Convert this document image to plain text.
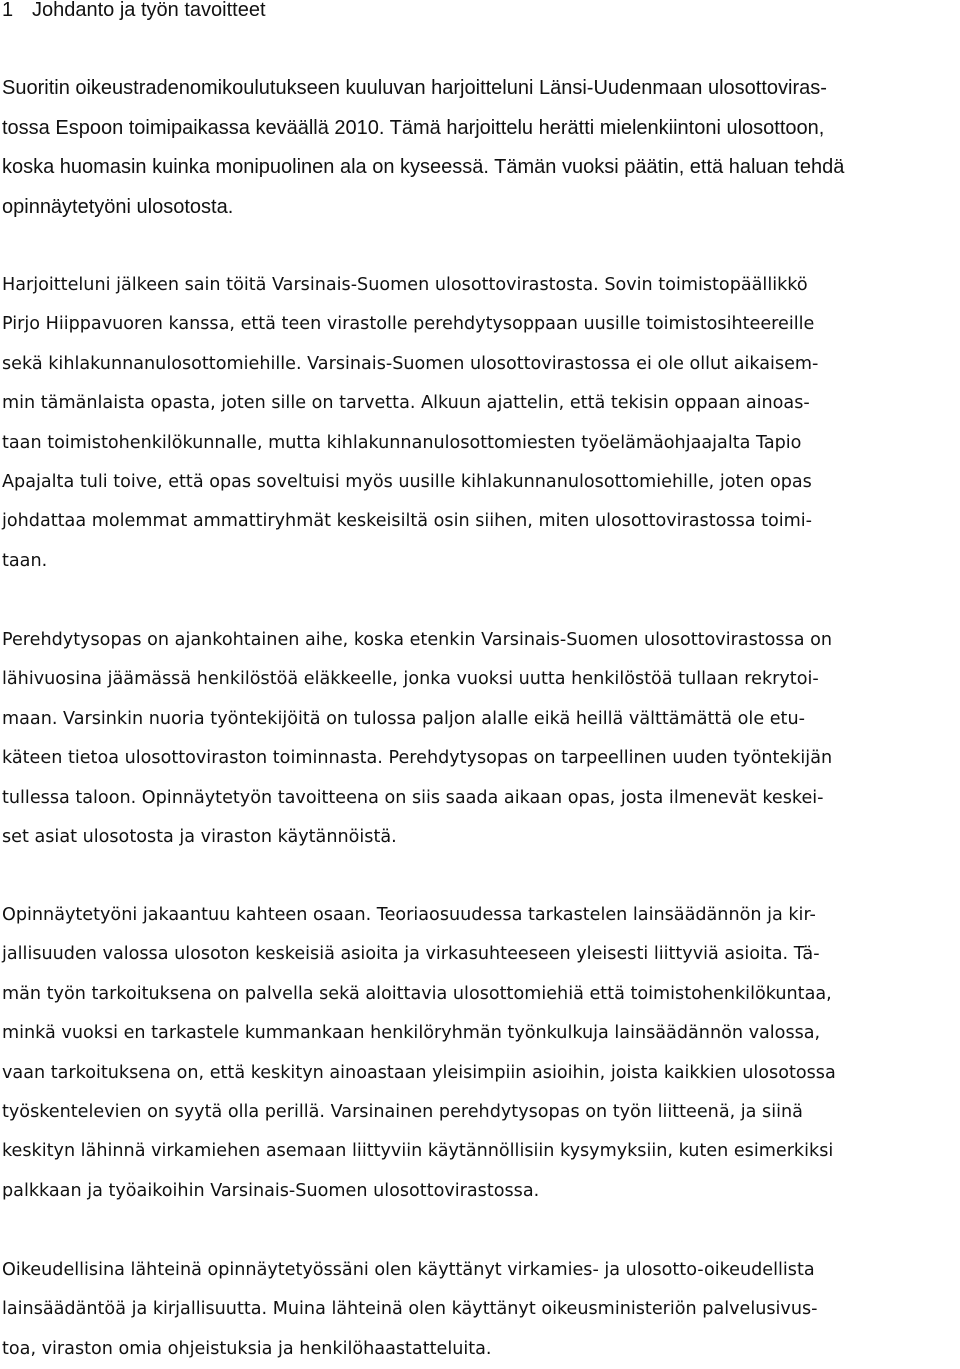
1 Johdanto ja työn tavoitteet

Suoritin oikeustradenomikoulutukseen kuuluvan harjoitteluni Länsi-Uudenmaan ulosottoviras-
tossa Espoon toimipaikassa keväällä 2010. Tämä harjoittelu herätti mielenkiintoni ulosottoon,
koska huomasin kuinka monipuolinen ala on kyseessä. Tämän vuoksi päätin, että haluan tehdä
opinnäytetyöni ulosotosta.

Harjoitteluni jälkeen sain töitä Varsinais-Suomen ulosottovirastosta. Sovin toimistopäällikkö
Pirjo Hiippavuoren kanssa, että teen virastolle perehdytysoppaan uusille toimistosihteereille
sekä kihlakunnanulosottomiehille. Varsinais-Suomen ulosottovirastossa ei ole ollut aikaisem-
min tämänlaista opasta, joten sille on tarvetta. Alkuun ajattelin, että tekisin oppaan ainoas-
taan toimistohenkilökunnalle, mutta kihlakunnanulosottomiesten työelämäohjaajalta Tapio
Apajalta tuli toive, että opas soveltuisi myös uusille kihlakunnanulosottomiehille, joten opas
johdattaa molemmat ammattiryhmät keskeisiltä osin siihen, miten ulosottovirastossa toimi-
taan.

Perehdytysopas on ajankohtainen aihe, koska etenkin Varsinais-Suomen ulosottovirastossa on
lähivuosina jäämässä henkilöstöä eläkkeelle, jonka vuoksi uutta henkilöstöä tullaan rekrytoi-
maan. Varsinkin nuoria työntekijöitä on tulossa paljon alalle eikä heillä välttämättä ole etu-
käteen tietoa ulosottoviraston toiminnasta. Perehdytysopas on tarpeellinen uuden työntekijän
tullessa taloon. Opinnäytetyön tavoitteena on siis saada aikaan opas, josta ilmenevät keskei-
set asiat ulosotosta ja viraston käytännöistä.

Opinnäytetyöni jakaantuu kahteen osaan. Teoriaosuudessa tarkastelen lainsäädännön ja kir-
jallisuuden valossa ulosoton keskeisiä asioita ja virkasuhteeseen yleisesti liittyviä asioita. Tä-
män työn tarkoituksena on palvella sekä aloittavia ulosottomiehiä että toimistohenkilökuntaa,
minkä vuoksi en tarkastele kummankaan henkilöryhmän työnkulkuja lainsäädännön valossa,
vaan tarkoituksena on, että keskityn ainoastaan yleisimpiin asioihin, joista kaikkien ulosotossa
työskentelevien on syytä olla perillä. Varsinainen perehdytysopas on työn liitteenä, ja siinä
keskityn lähinnä virkamiehen asemaan liittyviin käytännöllisiin kysymyksiin, kuten esimerkiksi
palkkaan ja työaikoihin Varsinais-Suomen ulosottovirastossa.

Oikeudellisina lähteinä opinnäytetyössäni olen käyttänyt virkamies- ja ulosotto-oikeudellista
lainsäädäntöä ja kirjallisuutta. Muina lähteinä olen käyttänyt oikeusministeriön palvelusivus-
toa, viraston omia ohjeistuksia ja henkilöhaastatteluita.
